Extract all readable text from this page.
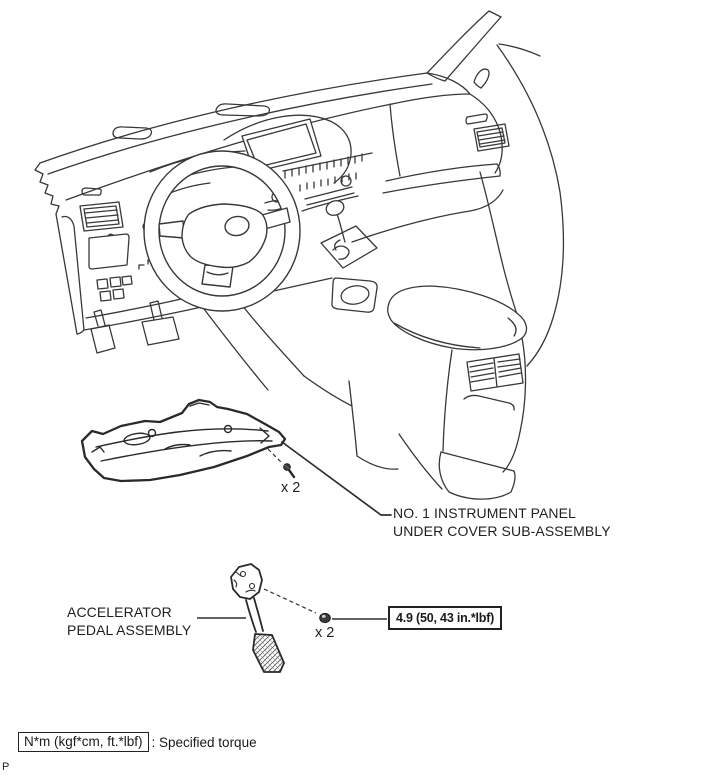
NO. 1 INSTRUMENT PANEL
UNDER COVER SUB-ASSEMBLY
ACCELERATOR
PEDAL ASSEMBLY
x 2
x 2
4.9 (50, 43 in.*lbf)
N*m (kgf*cm, ft.*lbf) : Specified torque
P
